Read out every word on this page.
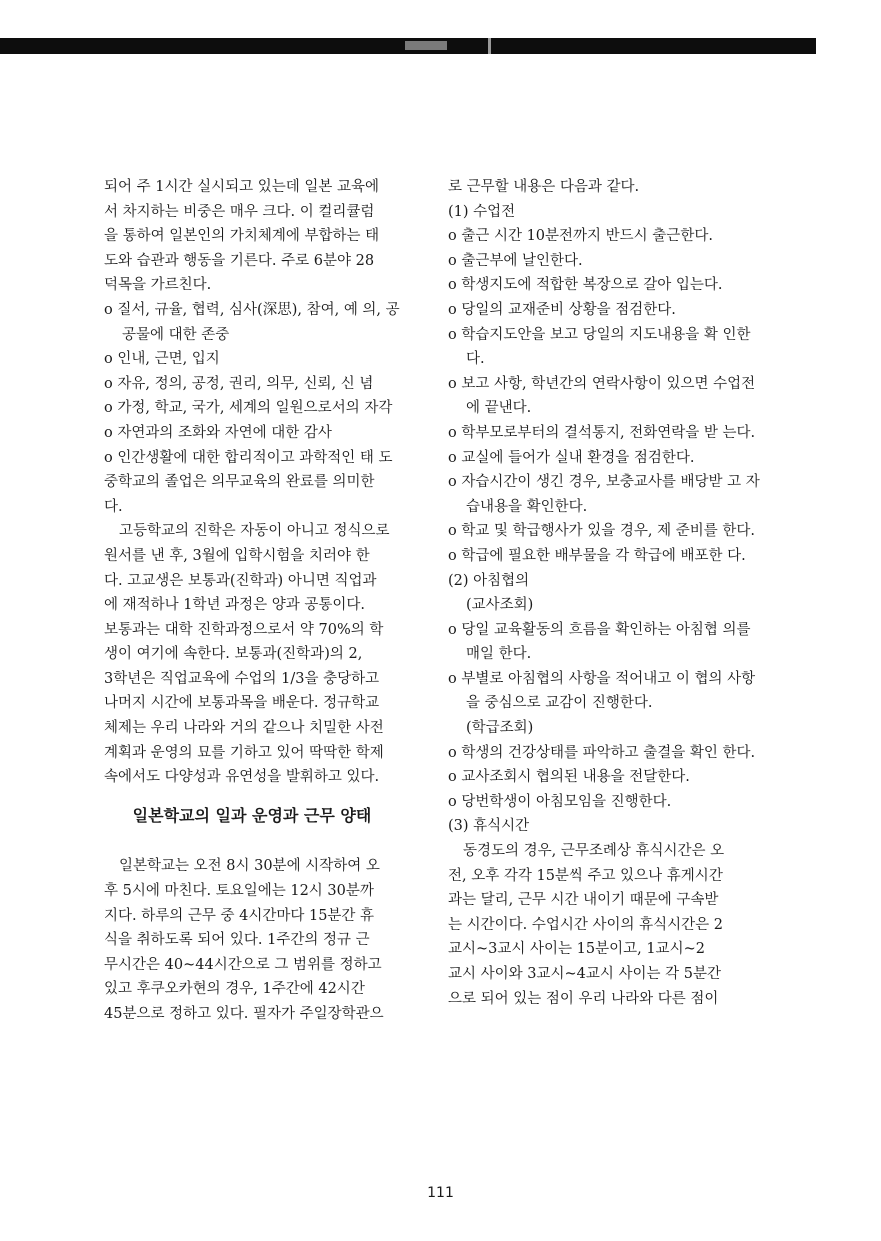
되어 주 1시간 실시되고 있는데 일본 교육에

서 차지하는 비중은 매우 크다. 이 컬리큘럼

을 통하여 일본인의 가치체계에 부합하는 태

도와 습관과 행동을 기른다. 주로 6분야 28

덕목을 가르친다.

o 질서, 규율, 협력, 심사(深思), 참여, 예 의, 공공물에 대한 존중

o 인내, 근면, 입지

o 자유, 정의, 공정, 권리, 의무, 신뢰, 신 념

o 가정, 학교, 국가, 세계의 일원으로서의 자각

o 자연과의 조화와 자연에 대한 감사

o 인간생활에 대한 합리적이고 과학적인 태 도

중학교의 졸업은 의무교육의 완료를 의미한

다.

고등학교의 진학은 자동이 아니고 정식으로

원서를 낸 후, 3월에 입학시험을 치러야 한

다. 고교생은 보통과(진학과) 아니면 직업과

에 재적하나 1학년 과정은 양과 공통이다.

보통과는 대학 진학과정으로서 약 70%의 학

생이 여기에 속한다. 보통과(진학과)의 2,

3학년은 직업교육에 수업의 1/3을 충당하고

나머지 시간에 보통과목을 배운다. 정규학교

체제는 우리 나라와 거의 같으나 치밀한 사전

계획과 운영의 묘를 기하고 있어 딱딱한 학제

속에서도 다양성과 유연성을 발휘하고 있다.

일본학교의 일과 운영과 근무 양태

일본학교는 오전 8시 30분에 시작하여 오

후 5시에 마친다. 토요일에는 12시 30분까

지다. 하루의 근무 중 4시간마다 15분간 휴

식을 취하도록 되어 있다. 1주간의 정규 근

무시간은 40~44시간으로 그 범위를 정하고

있고 후쿠오카현의 경우, 1주간에 42시간

45분으로 정하고 있다. 필자가 주일장학관으

로 근무할 내용은 다음과 같다.

(1) 수업전

o 출근 시간 10분전까지 반드시 출근한다.

o 출근부에 날인한다.

o 학생지도에 적합한 복장으로 갈아 입는다.

o 당일의 교재준비 상황을 점검한다.

o 학습지도안을 보고 당일의 지도내용을 확 인한다.

o 보고 사항, 학년간의 연락사항이 있으면 수업전에 끝낸다.

o 학부모로부터의 결석통지, 전화연락을 받 는다.

o 교실에 들어가 실내 환경을 점검한다.

o 자습시간이 생긴 경우, 보충교사를 배당받 고 자습내용을 확인한다.

o 학교 및 학급행사가 있을 경우, 제 준비를 한다.

o 학급에 필요한 배부물을 각 학급에 배포한 다.

(2) 아침협의

(교사조회)

o 당일 교육활동의 흐름을 확인하는 아침협 의를 매일 한다.

o 부별로 아침협의 사항을 적어내고 이 협의 사항을 중심으로 교감이 진행한다.

(학급조회)

o 학생의 건강상태를 파악하고 출결을 확인 한다.

o 교사조회시 협의된 내용을 전달한다.

o 당번학생이 아침모임을 진행한다.

(3) 휴식시간

동경도의 경우, 근무조례상 휴식시간은 오

전, 오후 각각 15분씩 주고 있으나 휴게시간

과는 달리, 근무 시간 내이기 때문에 구속받

는 시간이다. 수업시간 사이의 휴식시간은 2

교시~3교시 사이는 15분이고, 1교시~2

교시 사이와 3교시~4교시 사이는 각 5분간

으로 되어 있는 점이 우리 나라와 다른 점이

111
